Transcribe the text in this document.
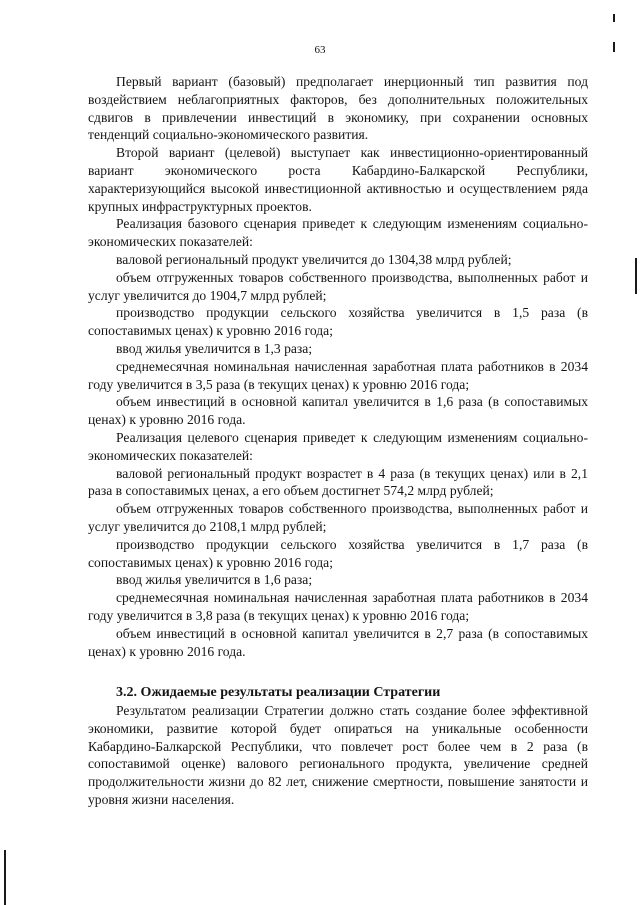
63

Первый вариант (базовый) предполагает инерционный тип развития под воздействием неблагоприятных факторов, без дополнительных положительных сдвигов в привлечении инвестиций в экономику, при сохранении основных тенденций социально-экономического развития.

Второй вариант (целевой) выступает как инвестиционно-ориентированный вариант экономического роста Кабардино-Балкарской Республики, характеризующийся высокой инвестиционной активностью и осуществлением ряда крупных инфраструктурных проектов.

Реализация базового сценария приведет к следующим изменениям социально-экономических показателей:

валовой региональный продукт увеличится до 1304,38 млрд рублей;

объем отгруженных товаров собственного производства, выполненных работ и услуг увеличится до 1904,7 млрд рублей;

производство продукции сельского хозяйства увеличится в 1,5 раза (в сопоставимых ценах) к уровню 2016 года;

ввод жилья увеличится в 1,3 раза;

среднемесячная номинальная начисленная заработная плата работников в 2034 году увеличится в 3,5 раза (в текущих ценах) к уровню 2016 года;

объем инвестиций в основной капитал увеличится в 1,6 раза (в сопоставимых ценах) к уровню 2016 года.

Реализация целевого сценария приведет к следующим изменениям социально-экономических показателей:

валовой региональный продукт возрастет в 4 раза (в текущих ценах) или в 2,1 раза в сопоставимых ценах, а его объем достигнет 574,2 млрд рублей;

объем отгруженных товаров собственного производства, выполненных работ и услуг увеличится до 2108,1 млрд рублей;

производство продукции сельского хозяйства увеличится в 1,7 раза (в сопоставимых ценах) к уровню 2016 года;

ввод жилья увеличится в 1,6 раза;

среднемесячная номинальная начисленная заработная плата работников в 2034 году увеличится в 3,8 раза (в текущих ценах) к уровню 2016 года;

объем инвестиций в основной капитал увеличится в 2,7 раза (в сопоставимых ценах) к уровню 2016 года.

3.2. Ожидаемые результаты реализации Стратегии

Результатом реализации Стратегии должно стать создание более эффективной экономики, развитие которой будет опираться на уникальные особенности Кабардино-Балкарской Республики, что повлечет рост более чем в 2 раза (в сопоставимой оценке) валового регионального продукта, увеличение средней продолжительности жизни до 82 лет, снижение смертности, повышение занятости и уровня жизни населения.
